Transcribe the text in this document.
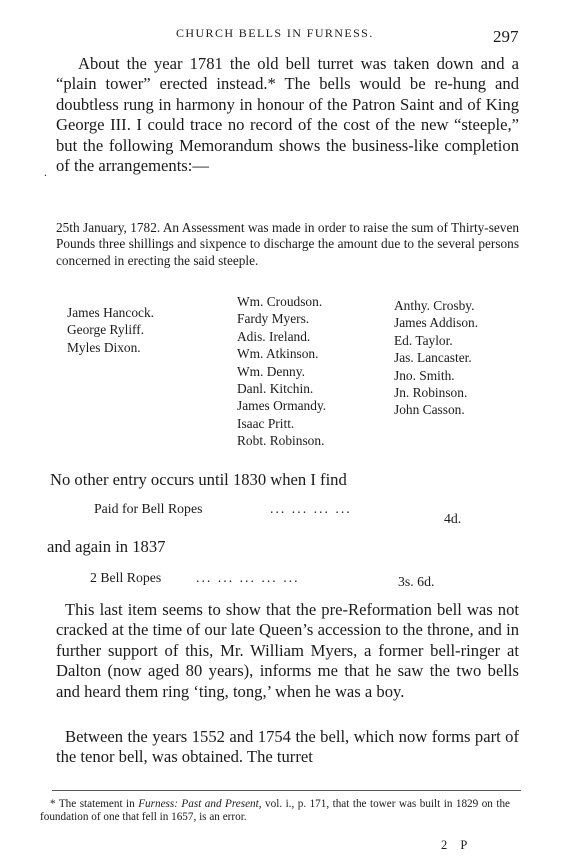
CHURCH BELLS IN FURNESS.	297

About the year 1781 the old bell turret was taken down and a “plain tower” erected instead.* The bells would be re-hung and doubtless rung in harmony in honour of the Patron Saint and of King George III. I could trace no record of the cost of the new “steeple,” but the following Memorandum shows the business-like completion of the arrangements:—

.

25th January, 1782. An Assessment was made in order to raise the sum of Thirty-seven Pounds three shillings and sixpence to discharge the amount due to the several persons concerned in erecting the said steeple.

James Hancock.
George Ryliff.
Myles Dixon.
Wm. Croudson.
Fardy Myers.
Adis. Ireland.
Wm. Atkinson.
Wm. Denny.
Danl. Kitchin.
James Ormandy.
Isaac Pritt.
Robt. Robinson.
Anthy. Crosby.
James Addison.
Ed. Taylor.
Jas. Lancaster.
Jno. Smith.
Jn. Robinson.
John Casson.
No other entry occurs until 1830 when I find
Paid for Bell Ropes	... ... ... ...
4d.
and again in 1837
2 Bell Ropes	... ... ... ... ...	3s. 6d.

This last item seems to show that the pre-Reformation bell was not cracked at the time of our late Queen’s accession to the throne, and in further support of this, Mr. William Myers, a former bell-ringer at Dalton (now aged 80 years), informs me that he saw the two bells and heard them ring ‘ting, tong,’ when he was a boy.

Between the years 1552 and 1754 the bell, which now forms part of the tenor bell, was obtained. The turret

* The statement in Furness: Past and Present, vol. i., p. 171, that the tower was built in 1829 on the foundation of one that fell in 1657, is an error.

2 P
